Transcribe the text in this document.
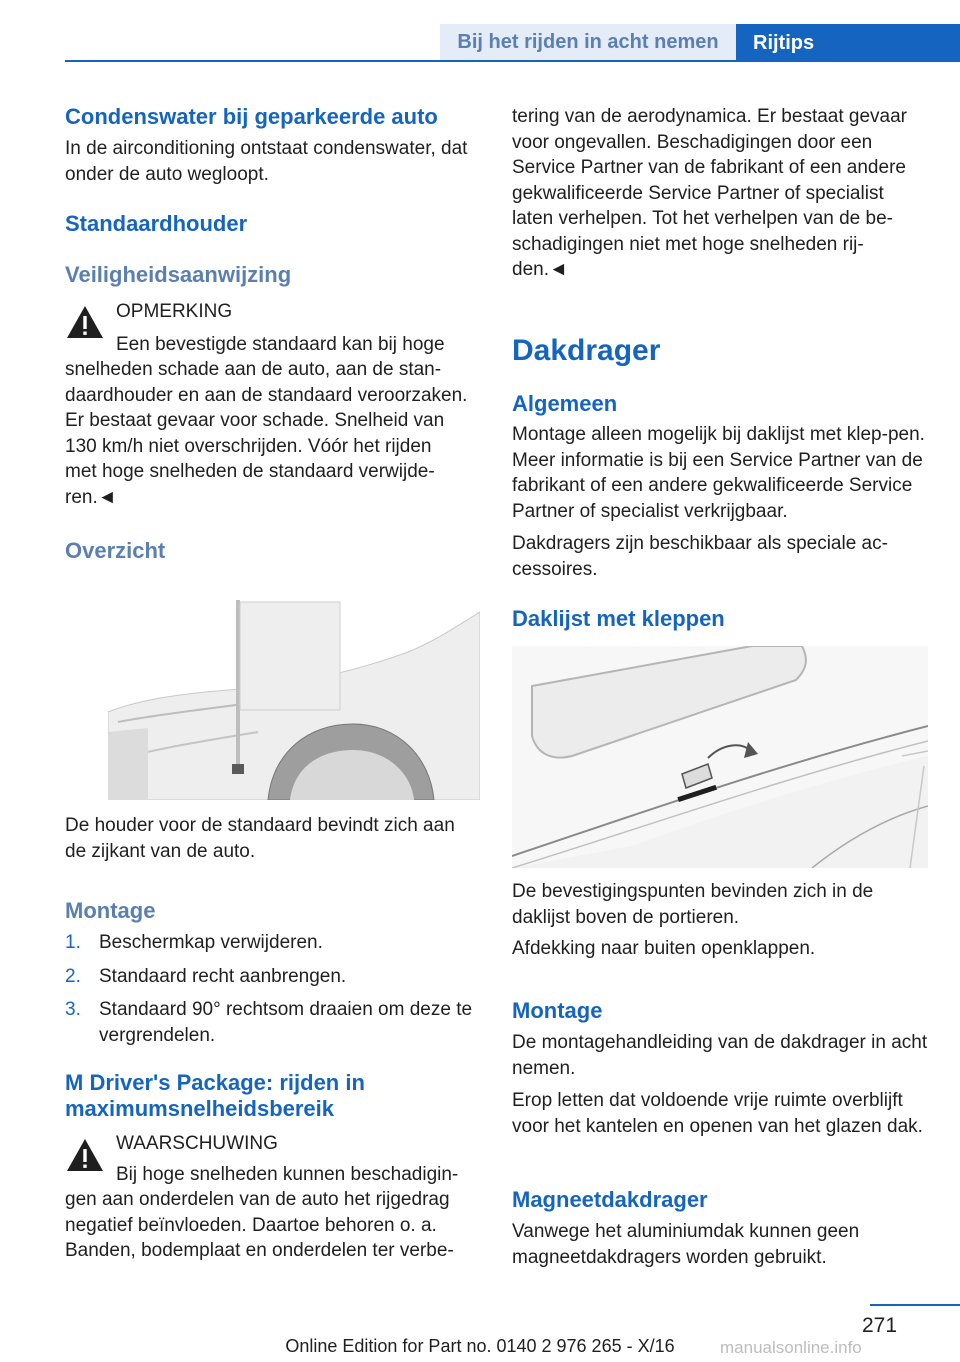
Bij het rijden in acht nemen	Rijtips
Condenswater bij geparkeerde auto
In de airconditioning ontstaat condenswater, dat onder de auto wegloopt.
Standaardhouder
Veiligheidsaanwijzing
OPMERKING
Een bevestigde standaard kan bij hoge
snelheden schade aan de auto, aan de stan-
daardhouder en aan de standaard veroorzaken.
Er bestaat gevaar voor schade. Snelheid van
130 km/h niet overschrijden. Vóór het rijden
met hoge snelheden de standaard verwijde-
ren.◄
Overzicht
De houder voor de standaard bevindt zich aan de zijkant van de auto.
Montage
1. Beschermkap verwijderen.
2. Standaard recht aanbrengen.
3. Standaard 90° rechtsom draaien om deze te vergrendelen.
M Driver's Package: rijden in maximumsnelheidsbereik
WAARSCHUWING
Bij hoge snelheden kunnen beschadigin-
gen aan onderdelen van de auto het rijgedrag
negatief beïnvloeden. Daartoe behoren o. a.
Banden, bodemplaat en onderdelen ter verbe-
tering van de aerodynamica. Er bestaat gevaar
voor ongevallen. Beschadigingen door een
Service Partner van de fabrikant of een andere
gekwalificeerde Service Partner of specialist
laten verhelpen. Tot het verhelpen van de be-
schadigingen niet met hoge snelheden rij-
den.◄
Dakdrager
Algemeen
Montage alleen mogelijk bij daklijst met klep-pen. Meer informatie is bij een Service Partner van de fabrikant of een andere gekwalificeerde Service Partner of specialist verkrijgbaar.
Dakdragers zijn beschikbaar als speciale ac-cessoires.
Daklijst met kleppen
De bevestigingspunten bevinden zich in de daklijst boven de portieren.
Afdekking naar buiten openklappen.
Montage
De montagehandleiding van de dakdrager in acht nemen.
Erop letten dat voldoende vrije ruimte overblijft voor het kantelen en openen van het glazen dak.
Magneetdakdrager
Vanwege het aluminiumdak kunnen geen magneetdakdragers worden gebruikt.
271
Online Edition for Part no. 0140 2 976 265 - X/16	manualsonline.info
